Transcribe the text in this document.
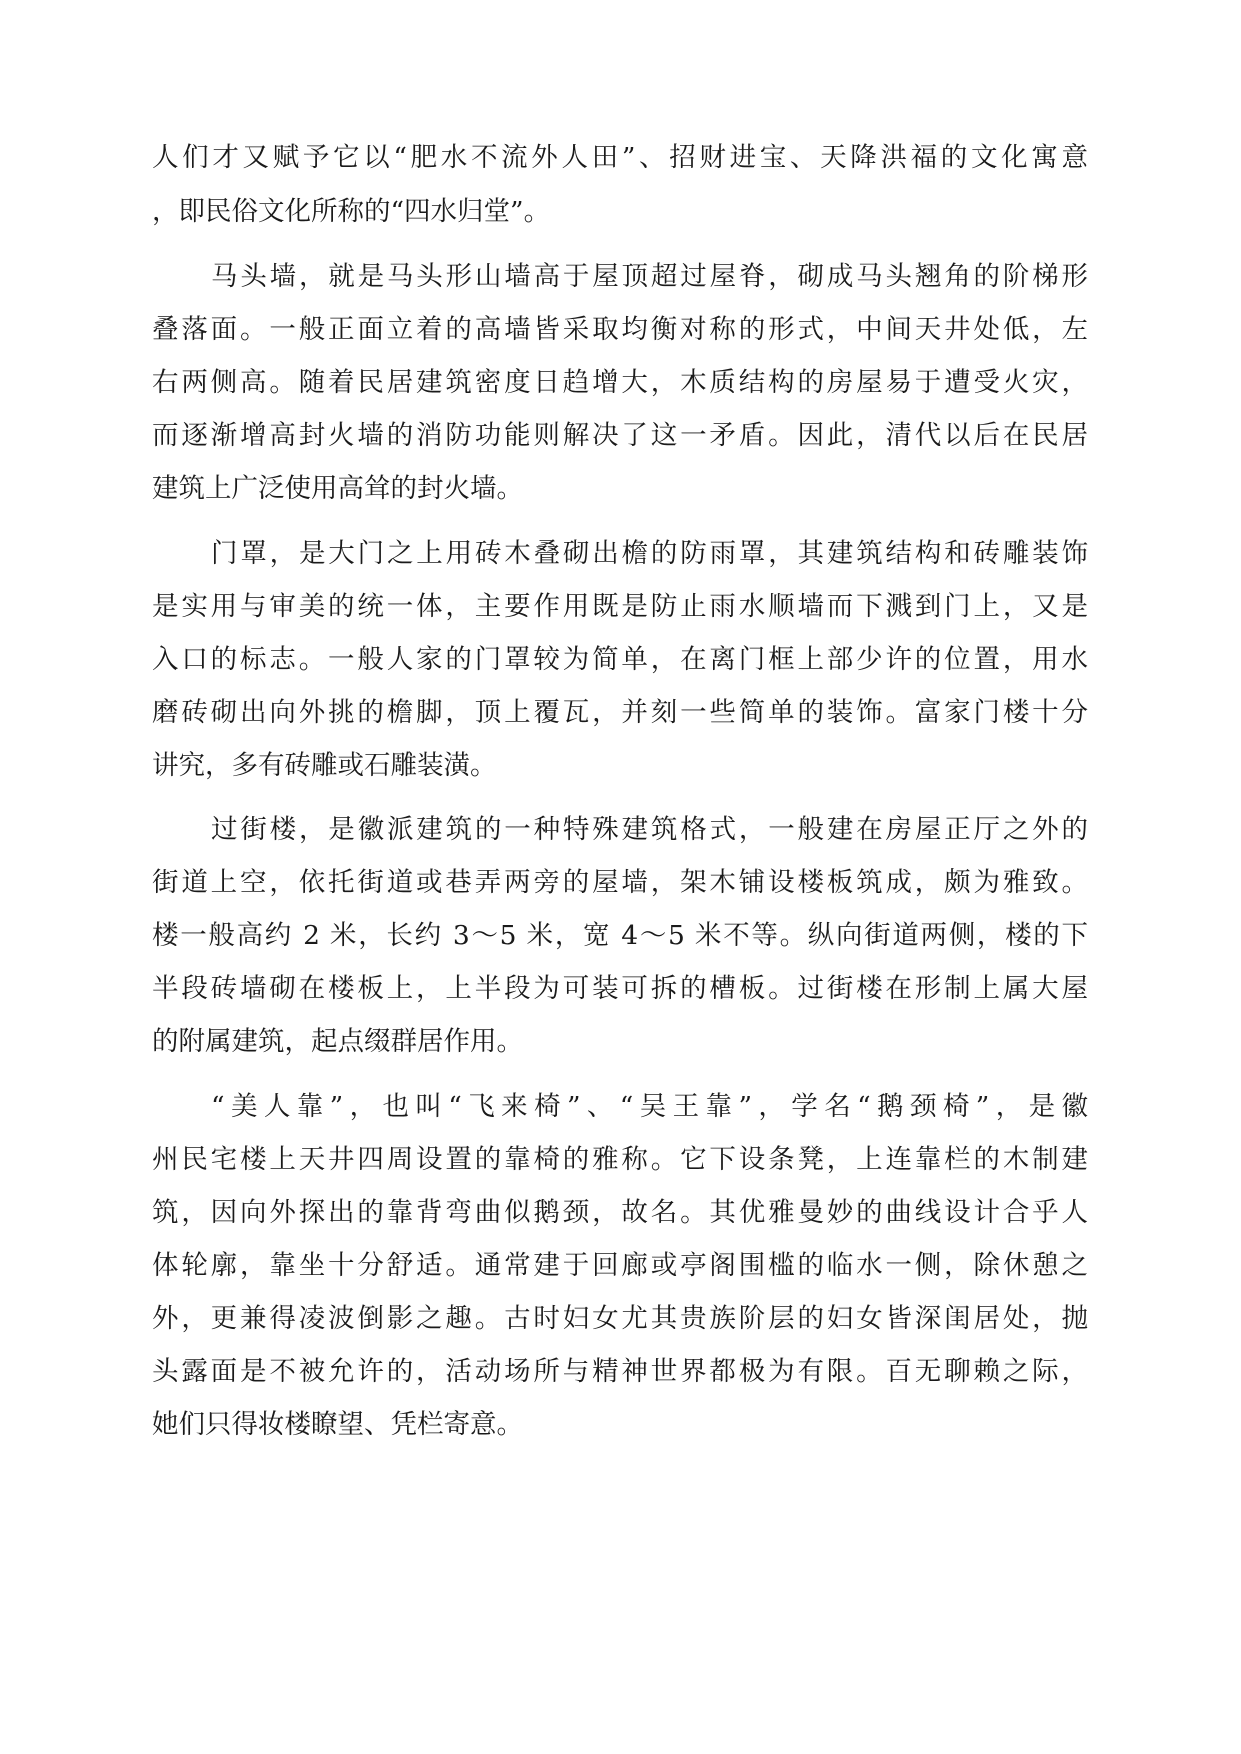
人们才又赋予它以“肥水不流外人田”、招财进宝、天降洪福的文化寓意
，即民俗文化所称的“四水归堂”。
马头墙，就是马头形山墙高于屋顶超过屋脊，砌成马头翘角的阶梯形
叠落面。一般正面立着的高墙皆采取均衡对称的形式，中间天井处低，左
右两侧高。随着民居建筑密度日趋增大，木质结构的房屋易于遭受火灾，
而逐渐增高封火墙的消防功能则解决了这一矛盾。因此，清代以后在民居
建筑上广泛使用高耸的封火墙。
门罩，是大门之上用砖木叠砌出檐的防雨罩，其建筑结构和砖雕装饰
是实用与审美的统一体，主要作用既是防止雨水顺墙而下溅到门上，又是
入口的标志。一般人家的门罩较为简单，在离门框上部少许的位置，用水
磨砖砌出向外挑的檐脚，顶上覆瓦，并刻一些简单的装饰。富家门楼十分
讲究，多有砖雕或石雕装潢。
过街楼，是徽派建筑的一种特殊建筑格式，一般建在房屋正厅之外的
街道上空，依托街道或巷弄两旁的屋墙，架木铺设楼板筑成，颇为雅致。
楼一般高约 2 米，长约 3～5 米，宽 4～5 米不等。纵向街道两侧，楼的下
半段砖墙砌在楼板上，上半段为可装可拆的槽板。过街楼在形制上属大屋
的附属建筑，起点缀群居作用。
“美人靠”，也叫“飞来椅”、“吴王靠”，学名“鹅颈椅”，是徽
州民宅楼上天井四周设置的靠椅的雅称。它下设条凳，上连靠栏的木制建
筑，因向外探出的靠背弯曲似鹅颈，故名。其优雅曼妙的曲线设计合乎人
体轮廓，靠坐十分舒适。通常建于回廊或亭阁围槛的临水一侧，除休憩之
外，更兼得凌波倒影之趣。古时妇女尤其贵族阶层的妇女皆深闺居处，抛
头露面是不被允许的，活动场所与精神世界都极为有限。百无聊赖之际，
她们只得妆楼瞭望、凭栏寄意。
